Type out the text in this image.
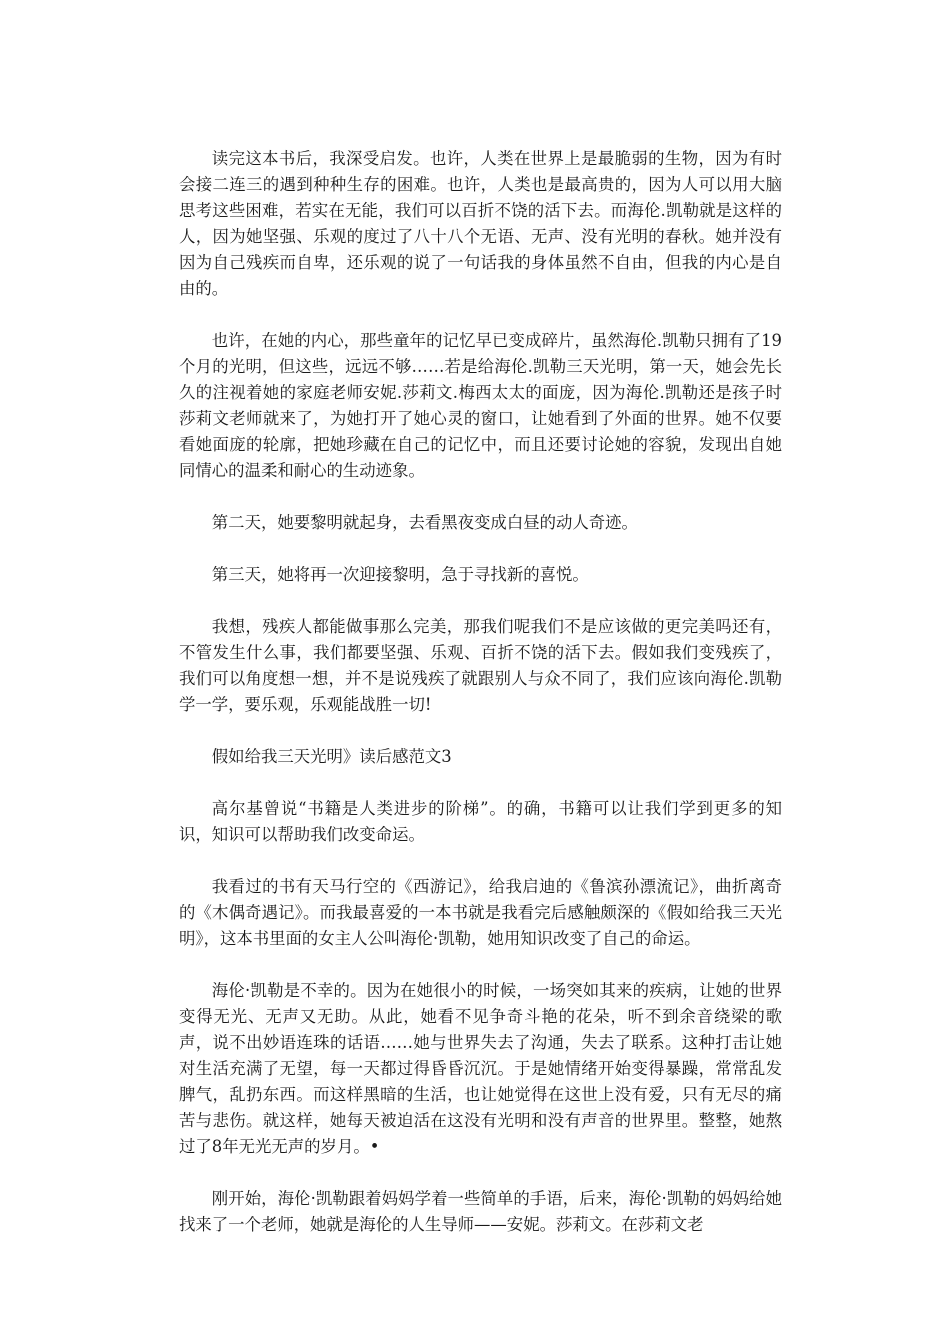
读完这本书后，我深受启发。也许，人类在世界上是最脆弱的生物，因为有时会接二连三的遇到种种生存的困难。也许，人类也是最高贵的，因为人可以用大脑思考这些困难，若实在无能，我们可以百折不饶的活下去。而海伦.凯勒就是这样的人，因为她坚强、乐观的度过了八十八个无语、无声、没有光明的春秋。她并没有因为自己残疾而自卑，还乐观的说了一句话我的身体虽然不自由，但我的内心是自由的。

也许，在她的内心，那些童年的记忆早已变成碎片，虽然海伦.凯勒只拥有了19个月的光明，但这些，远远不够……若是给海伦.凯勒三天光明，第一天，她会先长久的注视着她的家庭老师安妮.莎莉文.梅西太太的面庞，因为海伦.凯勒还是孩子时莎莉文老师就来了，为她打开了她心灵的窗口，让她看到了外面的世界。她不仅要看她面庞的轮廓，把她珍藏在自己的记忆中，而且还要讨论她的容貌，发现出自她同情心的温柔和耐心的生动迹象。

第二天，她要黎明就起身，去看黑夜变成白昼的动人奇迹。

第三天，她将再一次迎接黎明，急于寻找新的喜悦。

我想，残疾人都能做事那么完美，那我们呢我们不是应该做的更完美吗还有，不管发生什么事，我们都要坚强、乐观、百折不饶的活下去。假如我们变残疾了，我们可以角度想一想，并不是说残疾了就跟别人与众不同了，我们应该向海伦.凯勒学一学，要乐观，乐观能战胜一切!

假如给我三天光明》读后感范文3

高尔基曾说“书籍是人类进步的阶梯”。的确，书籍可以让我们学到更多的知识，知识可以帮助我们改变命运。

我看过的书有天马行空的《西游记》，给我启迪的《鲁滨孙漂流记》，曲折离奇的《木偶奇遇记》。而我最喜爱的一本书就是我看完后感触颇深的《假如给我三天光明》，这本书里面的女主人公叫海伦·凯勒，她用知识改变了自己的命运。

海伦·凯勒是不幸的。因为在她很小的时候，一场突如其来的疾病，让她的世界变得无光、无声又无助。从此，她看不见争奇斗艳的花朵，听不到余音绕梁的歌声，说不出妙语连珠的话语……她与世界失去了沟通，失去了联系。这种打击让她对生活充满了无望，每一天都过得昏昏沉沉。于是她情绪开始变得暴躁，常常乱发脾气，乱扔东西。而这样黑暗的生活，也让她觉得在这世上没有爱，只有无尽的痛苦与悲伤。就这样，她每天被迫活在这没有光明和没有声音的世界里。整整，她熬过了8年无光无声的岁月。•

刚开始，海伦·凯勒跟着妈妈学着一些简单的手语，后来，海伦·凯勒的妈妈给她找来了一个老师，她就是海伦的人生导师——安妮。莎莉文。在莎莉文老
